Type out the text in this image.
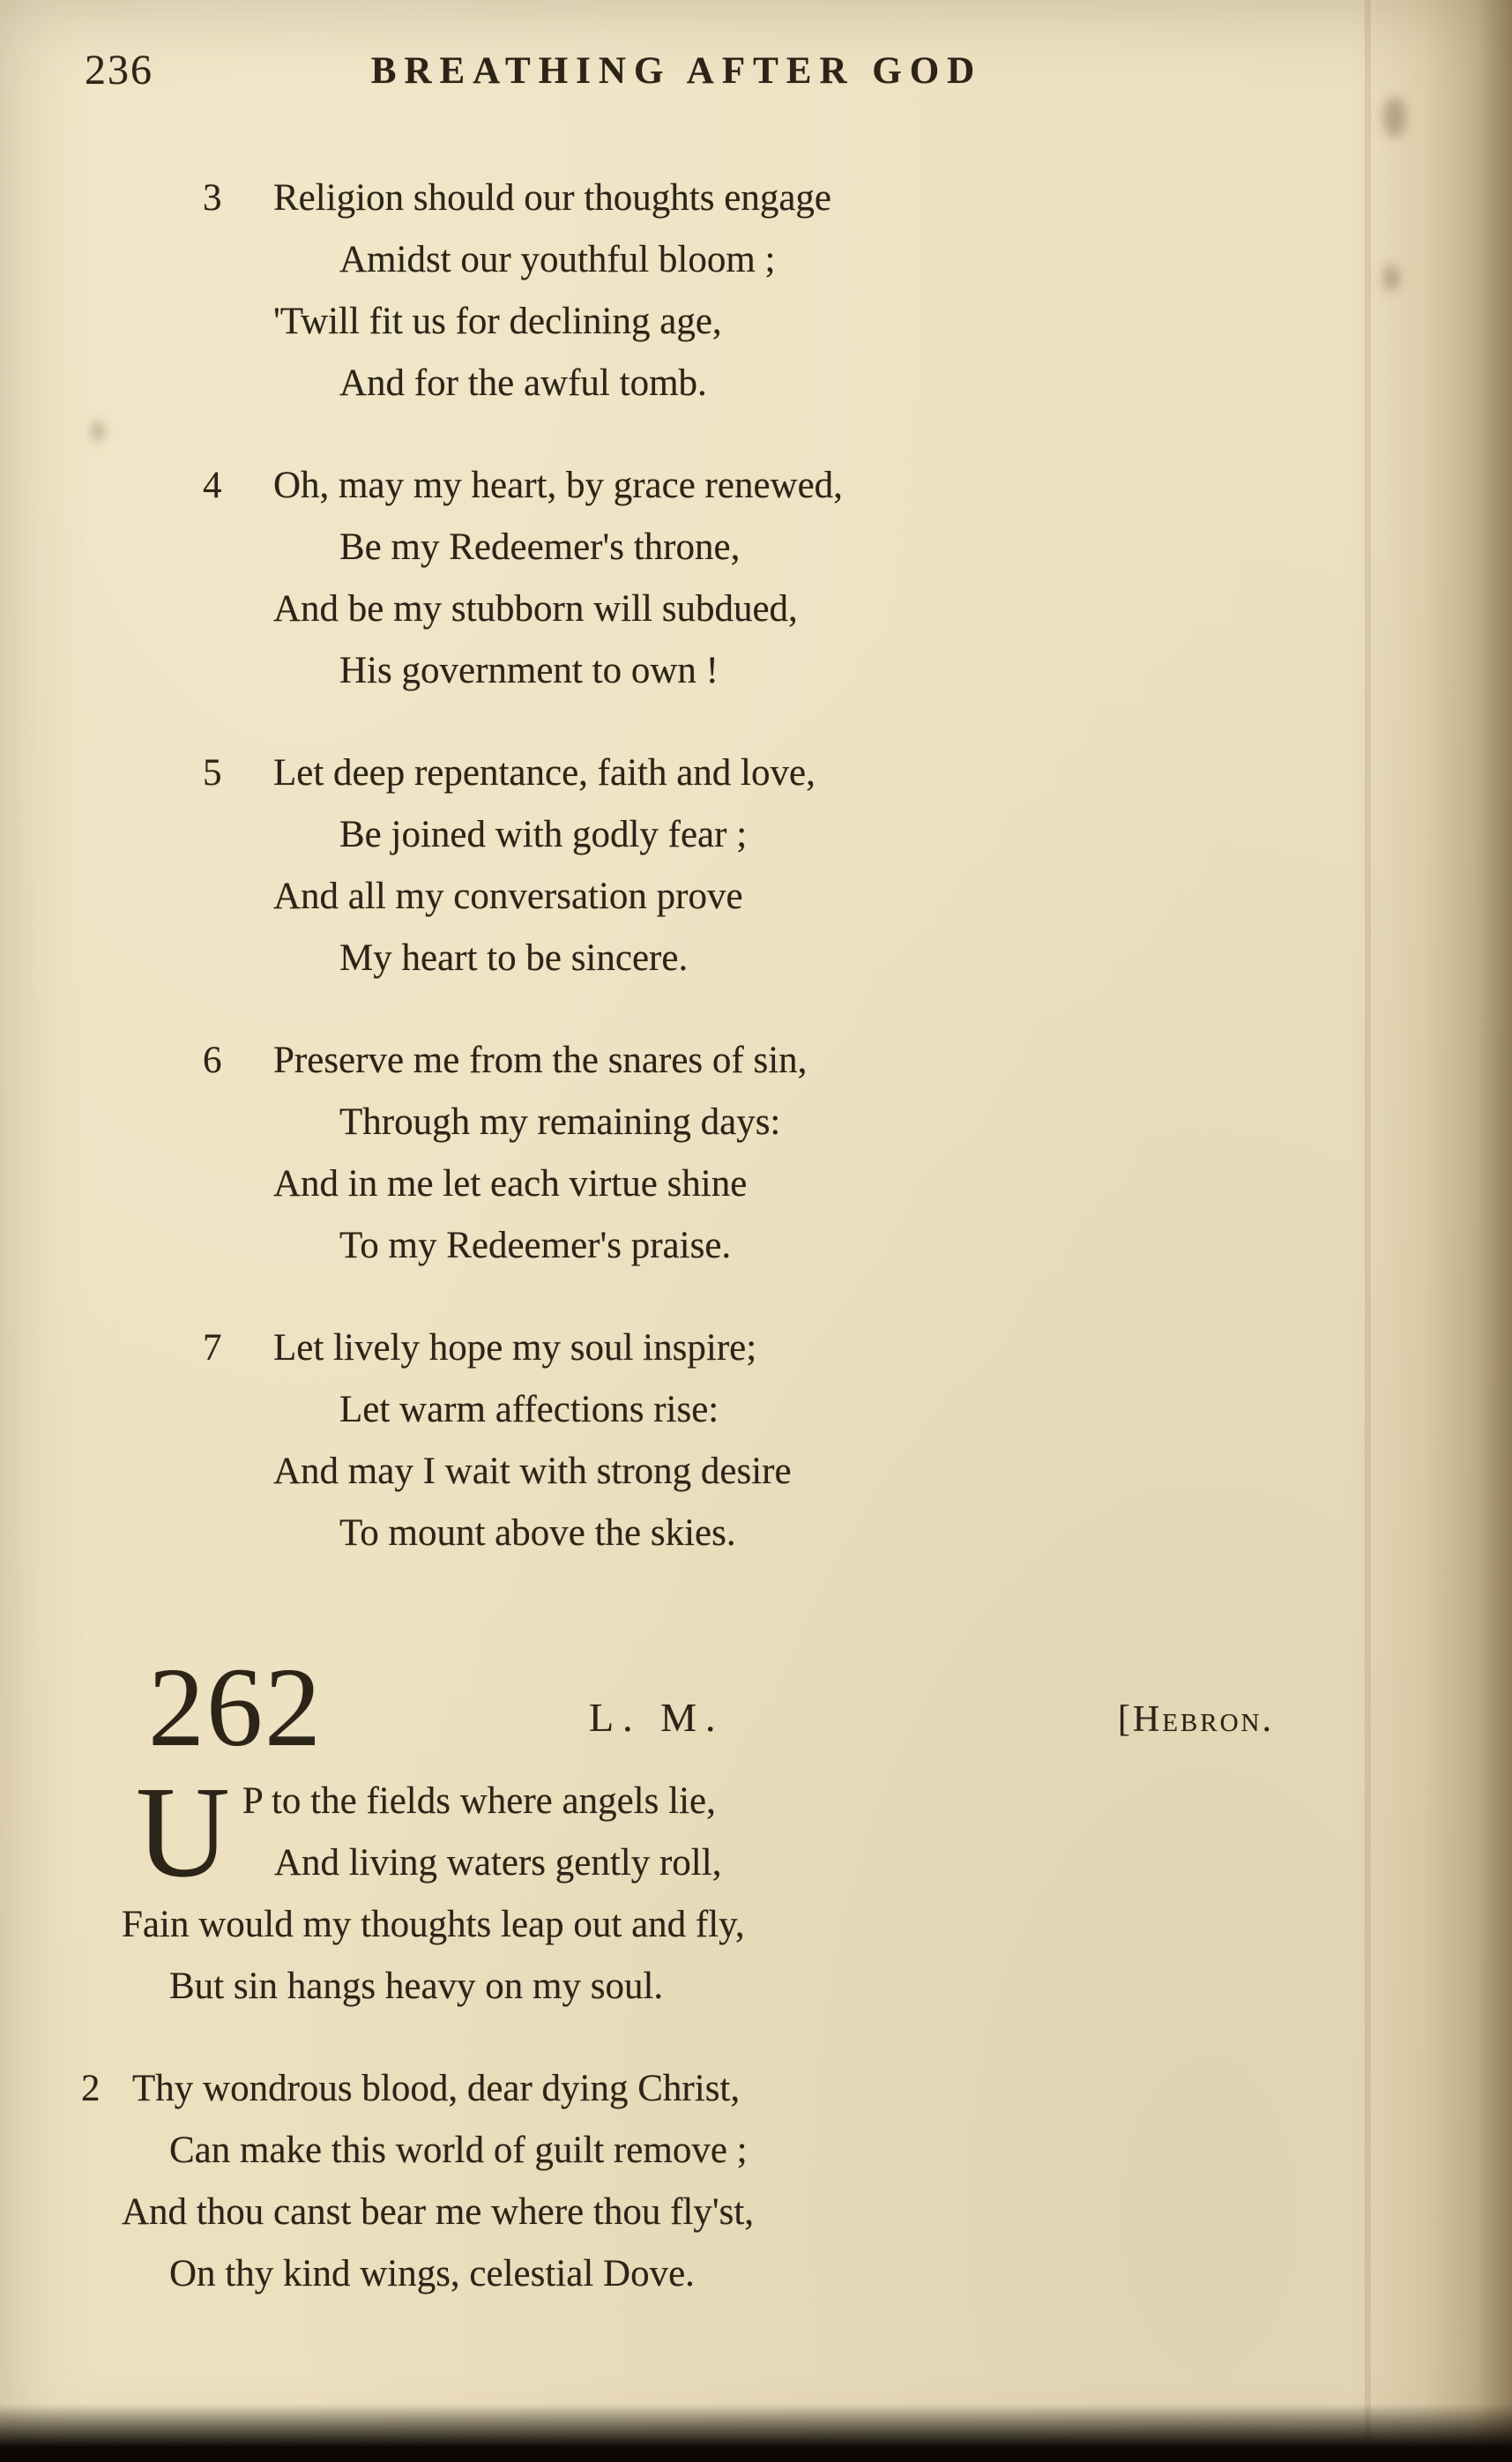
236	BREATHING AFTER GOD
3 Religion should our thoughts engage
Amidst our youthful bloom ;
'Twill fit us for declining age,
And for the awful tomb.
4 Oh, may my heart, by grace renewed,
Be my Redeemer's throne,
And be my stubborn will subdued,
His government to own !
5 Let deep repentance, faith and love,
Be joined with godly fear ;
And all my conversation prove
My heart to be sincere.
6 Preserve me from the snares of sin,
Through my remaining days:
And in me let each virtue shine
To my Redeemer's praise.
7 Let lively hope my soul inspire;
Let warm affections rise:
And may I wait with strong desire
To mount above the skies.
262	L. M.	[Hebron.
U P to the fields where angels lie,
And living waters gently roll,
Fain would my thoughts leap out and fly,
But sin hangs heavy on my soul.
2 Thy wondrous blood, dear dying Christ,
Can make this world of guilt remove ;
And thou canst bear me where thou fly'st,
On thy kind wings, celestial Dove.
